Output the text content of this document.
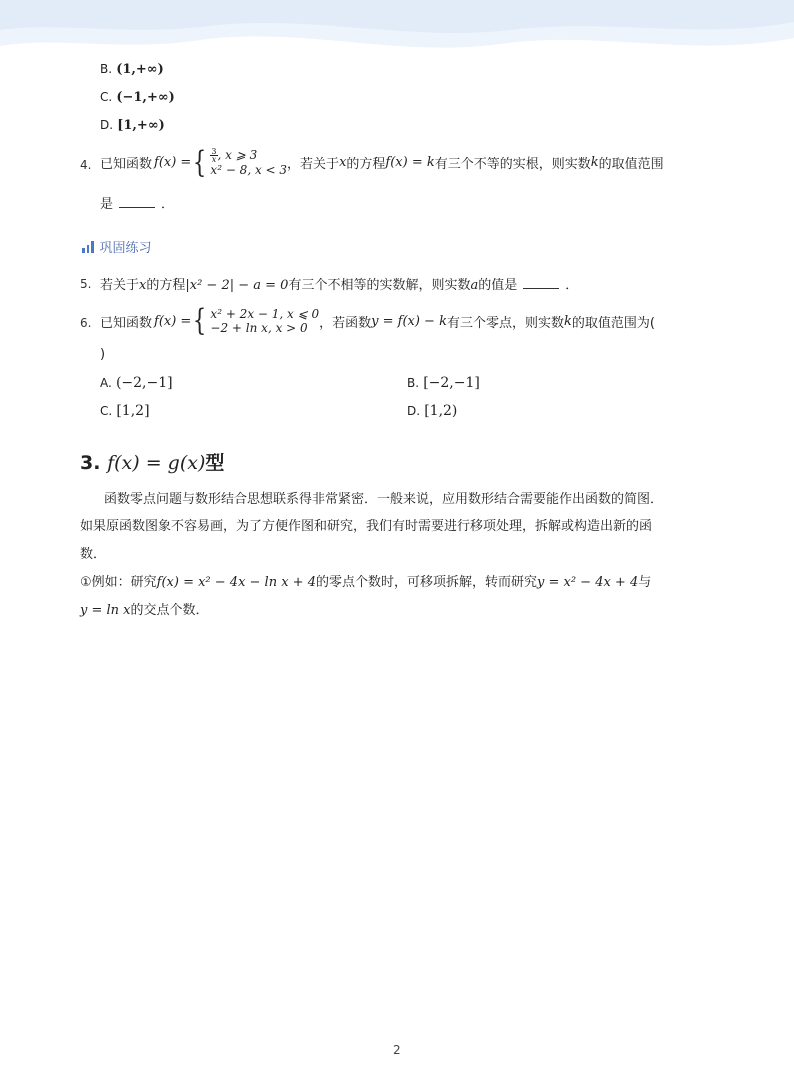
B. (1,+∞)
C. (−1,+∞)
D. [1,+∞)
4. 已知函数 f(x) = { $\frac{3}{x}$ , x ⩾ 3
x² − 8, x < 3 ，若关于 x 的方程 f(x) = k 有三个不等的实根，则实数 k 的取值范围
是	．
巩固练习
5. 若关于x的方程|x² − 2| − a = 0有三个不相等的实数解，则实数a的值是	．
6. 已知函数 f(x) = { x² + 2x − 1, x ⩽ 0
−2 + ln x, x > 0 ，若函数 y = f(x) − k 有三个零点，则实数 k 的取值范围为(
)
A. (−2,−1]	B. [−2,−1]
C. [1,2]	D. [1,2)
3. f(x) = g(x)型
函数零点问题与数形结合思想联系得非常紧密．一般来说，应用数形结合需要能作出函数的简图．
如果原函数图象不容易画，为了方便作图和研究，我们有时需要进行移项处理，拆解或构造出新的函
数．
①例如：研究f(x) = x² − 4x − ln x + 4的零点个数时，可移项拆解，转而研究y = x² − 4x + 4与
y = ln x的交点个数．
2
